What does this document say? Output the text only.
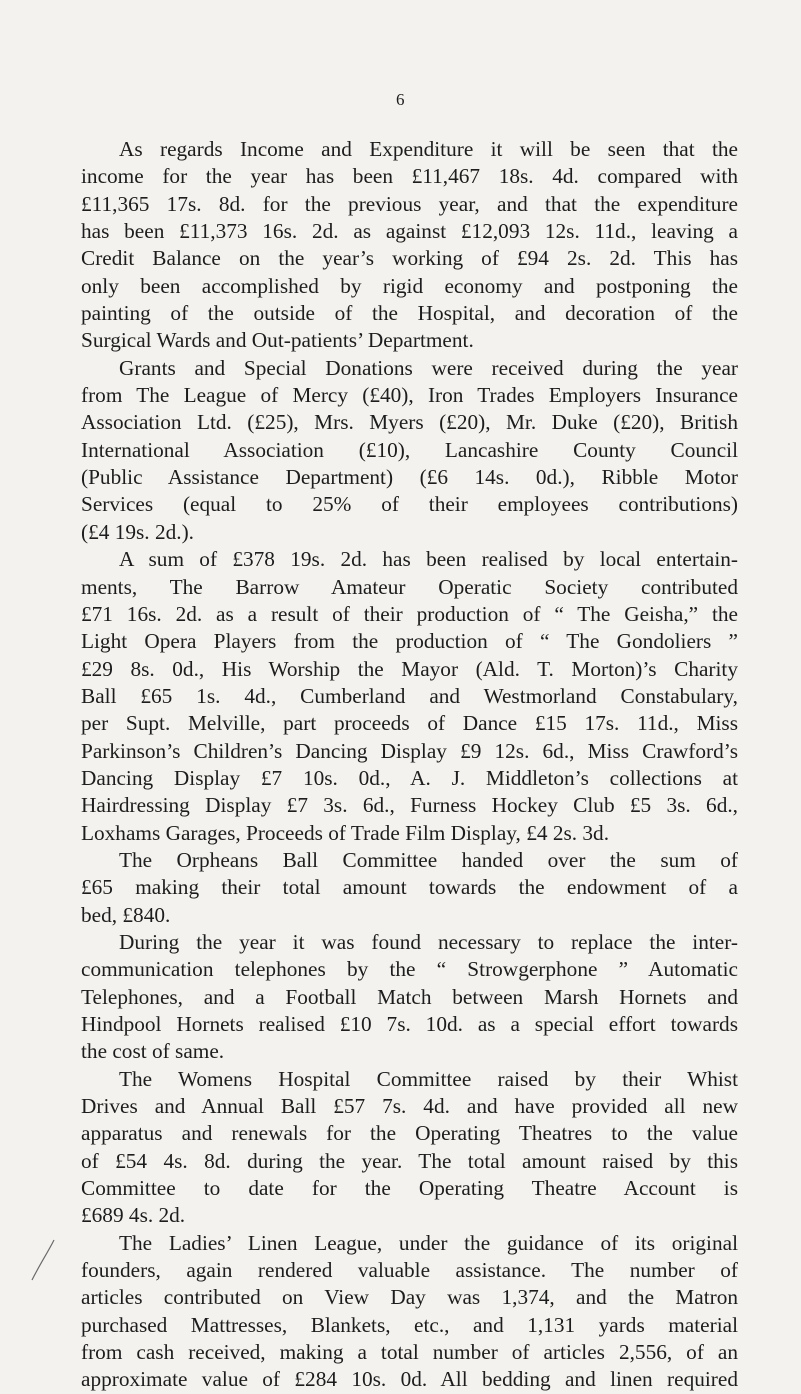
6
As regards Income and Expenditure it will be seen that the
income for the year has been £11,467 18s. 4d. compared with
£11,365 17s. 8d. for the previous year, and that the expenditure
has been £11,373 16s. 2d. as against £12,093 12s. 11d., leaving a
Credit Balance on the year’s working of £94 2s. 2d. This has
only been accomplished by rigid economy and postponing the
painting of the outside of the Hospital, and decoration of the
Surgical Wards and Out-patients’ Department.
Grants and Special Donations were received during the year
from The League of Mercy (£40), Iron Trades Employers Insurance
Association Ltd. (£25), Mrs. Myers (£20), Mr. Duke (£20), British
International Association (£10), Lancashire County Council
(Public Assistance Department) (£6 14s. 0d.), Ribble Motor
Services (equal to 25% of their employees contributions)
(£4 19s. 2d.).
A sum of £378 19s. 2d. has been realised by local entertain-
ments, The Barrow Amateur Operatic Society contributed
£71 16s. 2d. as a result of their production of “ The Geisha,” the
Light Opera Players from the production of “ The Gondoliers ”
£29 8s. 0d., His Worship the Mayor (Ald. T. Morton)’s Charity
Ball £65 1s. 4d., Cumberland and Westmorland Constabulary,
per Supt. Melville, part proceeds of Dance £15 17s. 11d., Miss
Parkinson’s Children’s Dancing Display £9 12s. 6d., Miss Crawford’s
Dancing Display £7 10s. 0d., A. J. Middleton’s collections at
Hairdressing Display £7 3s. 6d., Furness Hockey Club £5 3s. 6d.,
Loxhams Garages, Proceeds of Trade Film Display, £4 2s. 3d.
The Orpheans Ball Committee handed over the sum of
£65 making their total amount towards the endowment of a
bed, £840.
During the year it was found necessary to replace the inter-
communication telephones by the “ Strowgerphone ” Automatic
Telephones, and a Football Match between Marsh Hornets and
Hindpool Hornets realised £10 7s. 10d. as a special effort towards
the cost of same.
The Womens Hospital Committee raised by their Whist
Drives and Annual Ball £57 7s. 4d. and have provided all new
apparatus and renewals for the Operating Theatres to the value
of £54 4s. 8d. during the year. The total amount raised by this
Committee to date for the Operating Theatre Account is
£689 4s. 2d.
The Ladies’ Linen League, under the guidance of its original
founders, again rendered valuable assistance. The number of
articles contributed on View Day was 1,374, and the Matron
purchased Mattresses, Blankets, etc., and 1,131 yards material
from cash received, making a total number of articles 2,556, of an
approximate value of £284 10s. 0d. All bedding and linen required
